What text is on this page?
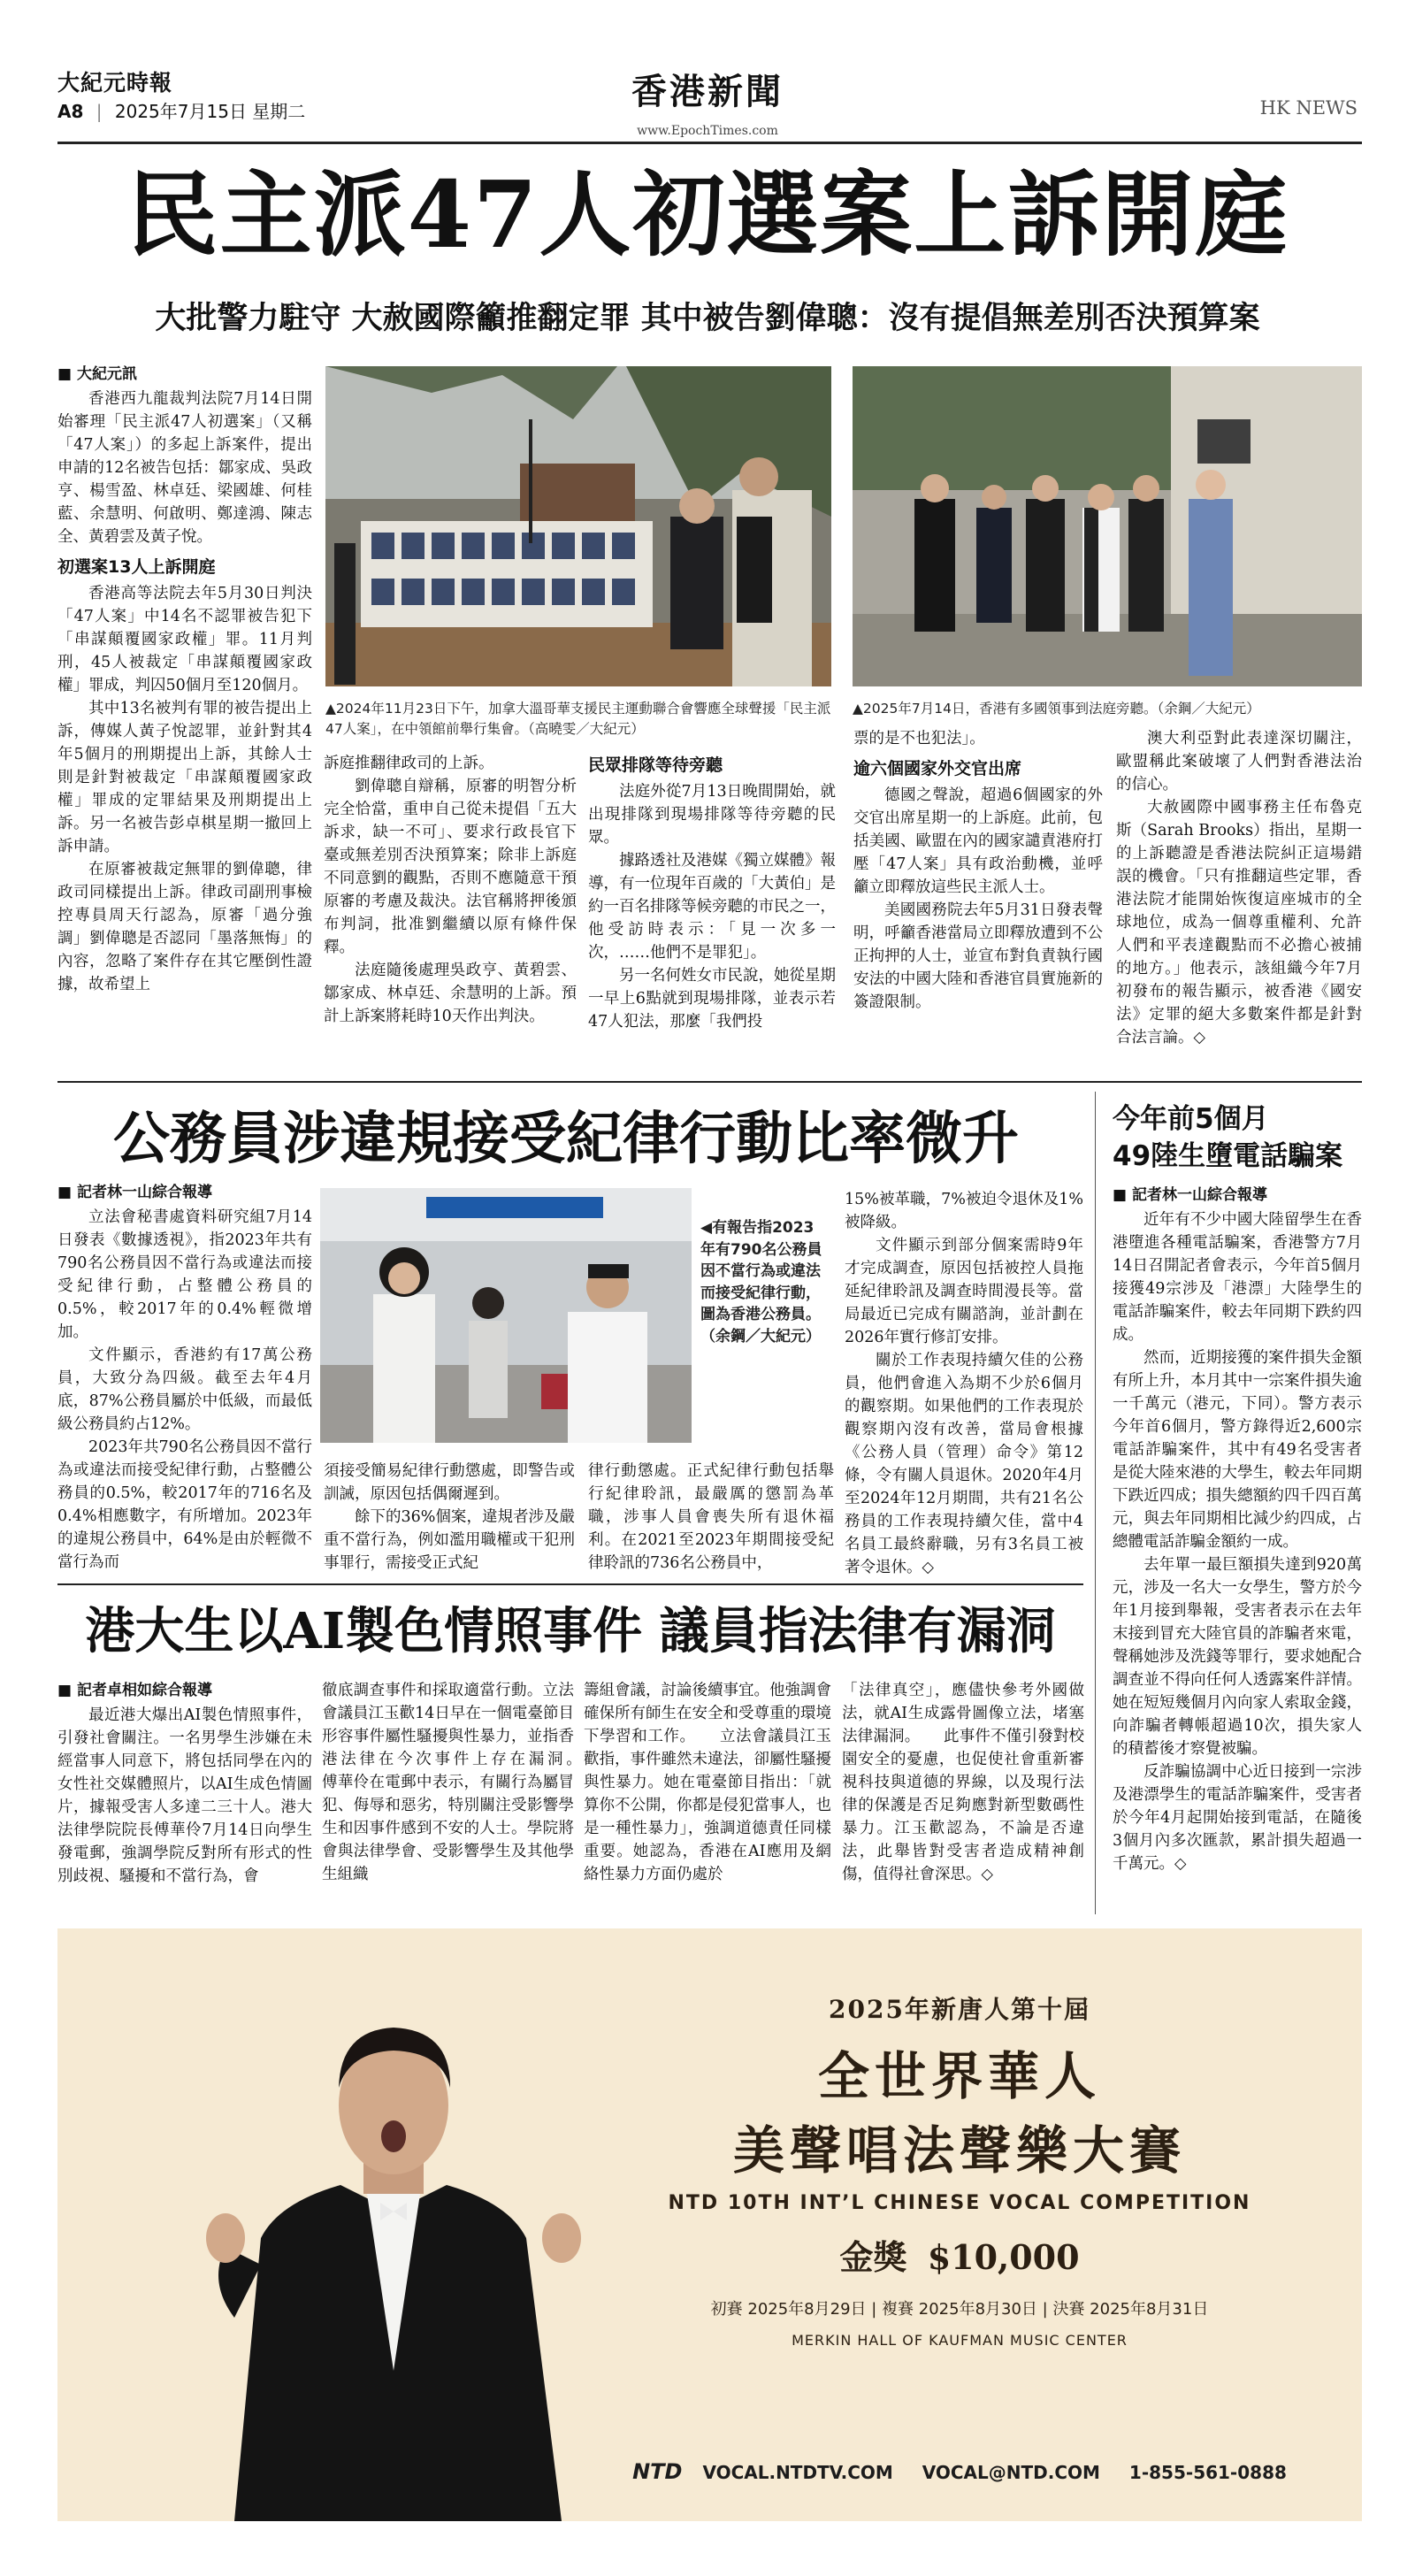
大紀元時報
A8 | 2025年7月15日 星期二	香港新聞
www.EpochTimes.com
HK NEWS
民主派47人初選案上訴開庭
大批警力駐守 大赦國際籲推翻定罪 其中被告劉偉聰：沒有提倡無差別否決預算案
■ 大紀元訊

香港西九龍裁判法院7月14日開始審理「民主派47人初選案」（又稱「47人案」）的多起上訴案件，提出申請的12名被告包括：鄒家成、吳政亨、楊雪盈、林卓廷、梁國雄、何桂藍、余慧明、何啟明、鄭達鴻、陳志全、黃碧雲及黃子悅。

初選案13人上訴開庭

香港高等法院去年5月30日判決「47人案」中14名不認罪被告犯下「串謀顛覆國家政權」罪。11月判刑，45人被裁定「串謀顛覆國家政權」罪成，判囚50個月至120個月。

其中13名被判有罪的被告提出上訴，傳媒人黃子悅認罪，並針對其4年5個月的刑期提出上訴，其餘人士則是針對被裁定「串謀顛覆國家政權」罪成的定罪結果及刑期提出上訴。另一名被告彭卓棋星期一撤回上訴申請。

在原審被裁定無罪的劉偉聰，律政司同樣提出上訴。律政司副刑事檢控專員周天行認為，原審「過分強調」劉偉聰是否認同「墨落無悔」的內容，忽略了案件存在其它壓倒性證據，故希望上

▲2024年11月23日下午，加拿大溫哥華支援民主運動聯合會響應全球聲援「民主派47人案」，在中領館前舉行集會。（高曉雯／大紀元）
▲2025年7月14日，香港有多國領事到法庭旁聽。（余鋼／大紀元）

訴庭推翻律政司的上訴。

劉偉聰自辯稱，原審的明智分析完全恰當，重申自己從未提倡「五大訴求，缺一不可」、要求行政長官下臺或無差別否決預算案；除非上訴庭不同意劉的觀點，否則不應隨意干預原審的考慮及裁決。法官稱將押後頒布判詞，批准劉繼續以原有條件保釋。

法庭隨後處理吳政亨、黃碧雲、鄒家成、林卓廷、余慧明的上訴。預計上訴案將耗時10天作出判決。

民眾排隊等待旁聽

法庭外從7月13日晚間開始，就出現排隊到現場排隊等待旁聽的民眾。

據路透社及港媒《獨立媒體》報導，有一位現年百歲的「大黃伯」是約一百名排隊等候旁聽的市民之一，他受訪時表示：「見一次多一次，……他們不是罪犯」。

另一名何姓女市民說，她從星期一早上6點就到現場排隊，並表示若47人犯法，那麼「我們投

票的是不也犯法」。

逾六個國家外交官出席

德國之聲說，超過6個國家的外交官出席星期一的上訴庭。此前，包括美國、歐盟在內的國家譴責港府打壓「47人案」具有政治動機，並呼籲立即釋放這些民主派人士。

美國國務院去年5月31日發表聲明，呼籲香港當局立即釋放遭到不公正拘押的人士，並宣布對負責執行國安法的中國大陸和香港官員實施新的簽證限制。

澳大利亞對此表達深切關注，歐盟稱此案破壞了人們對香港法治的信心。

大赦國際中國事務主任布魯克斯（Sarah Brooks）指出，星期一的上訴聽證是香港法院糾正這場錯誤的機會。「只有推翻這些定罪，香港法院才能開始恢復這座城市的全球地位，成為一個尊重權利、允許人們和平表達觀點而不必擔心被捕的地方。」他表示，該組織今年7月初發布的報告顯示，被香港《國安法》定罪的絕大多數案件都是針對合法言論。◇

公務員涉違規接受紀律行動比率微升
■ 記者林一山綜合報導

立法會秘書處資料研究組7月14日發表《數據透視》，指2023年共有790名公務員因不當行為或違法而接受紀律行動，占整體公務員的0.5%，較2017年的0.4%輕微增加。

文件顯示，香港約有17萬公務員，大致分為四級。截至去年4月底，87%公務員屬於中低級，而最低級公務員約占12%。

2023年共790名公務員因不當行為或違法而接受紀律行動，占整體公務員的0.5%，較2017年的716名及0.4%相應數字，有所增加。2023年的違規公務員中，64%是由於輕微不當行為而

◀有報告指2023年有790名公務員因不當行為或違法而接受紀律行動，圖為香港公務員。（余鋼／大紀元）

須接受簡易紀律行動懲處，即警告或訓誡，原因包括偶爾遲到。

餘下的36%個案，違規者涉及嚴重不當行為，例如濫用職權或干犯刑事罪行，需接受正式紀

律行動懲處。正式紀律行動包括舉行紀律聆訊，最嚴厲的懲罰為革職，涉事人員會喪失所有退休福利。在2021至2023年期間接受紀律聆訊的736名公務員中，

15%被革職，7%被迫令退休及1%被降級。

文件顯示到部分個案需時9年才完成調查，原因包括被控人員拖延紀律聆訊及調查時間漫長等。當局最近已完成有關諮詢，並計劃在2026年實行修訂安排。

關於工作表現持續欠佳的公務員，他們會進入為期不少於6個月的觀察期。如果他們的工作表現於觀察期內沒有改善，當局會根據《公務人員（管理）命令》第12條，令有關人員退休。2020年4月至2024年12月期間，共有21名公務員的工作表現持續欠佳，當中4名員工最終辭職，另有3名員工被著令退休。◇

今年前5個月
49陸生墮電話騙案
■ 記者林一山綜合報導

近年有不少中國大陸留學生在香港墮進各種電話騙案，香港警方7月14日召開記者會表示，今年首5個月接獲49宗涉及「港漂」大陸學生的電話詐騙案件，較去年同期下跌約四成。

然而，近期接獲的案件損失金額有所上升，本月其中一宗案件損失逾一千萬元（港元，下同）。警方表示今年首6個月，警方錄得近2,600宗電話詐騙案件，其中有49名受害者是從大陸來港的大學生，較去年同期下跌近四成；損失總額約四千四百萬元，與去年同期相比減少約四成，占總體電話詐騙金額約一成。

去年單一最巨額損失達到920萬元，涉及一名大一女學生，警方於今年1月接到舉報，受害者表示在去年末接到冒充大陸官員的詐騙者來電，聲稱她涉及洗錢等罪行，要求她配合調查並不得向任何人透露案件詳情。她在短短幾個月內向家人索取金錢，向詐騙者轉帳超過10次，損失家人的積蓄後才察覺被騙。

反詐騙協調中心近日接到一宗涉及港漂學生的電話詐騙案件，受害者於今年4月起開始接到電話，在隨後3個月內多次匯款，累計損失超過一千萬元。◇

港大生以AI製色情照事件 議員指法律有漏洞
■ 記者卓相如綜合報導

最近港大爆出AI製色情照事件，引發社會關注。一名男學生涉嫌在未經當事人同意下，將包括同學在內的女性社交媒體照片，以AI生成色情圖片，據報受害人多達二三十人。港大法律學院院長傅華伶7月14日向學生發電郵，強調學院反對所有形式的性別歧視、騷擾和不當行為，會

徹底調查事件和採取適當行動。立法會議員江玉歡14日早在一個電臺節目形容事件屬性騷擾與性暴力，並指香港法律在今次事件上存在漏洞。　　傅華伶在電郵中表示，有關行為屬冒犯、侮辱和惡劣，特別關注受影響學生和因事件感到不安的人士。學院將會與法律學會、受影響學生及其他學生組織

籌組會議，討論後續事宜。他強調會確保所有師生在安全和受尊重的環境下學習和工作。　　立法會議員江玉歡指，事件雖然未違法，卻屬性騷擾與性暴力。她在電臺節目指出：「就算你不公開，你都是侵犯當事人，也是一種性暴力」，強調道德責任同樣重要。她認為，香港在AI應用及網絡性暴力方面仍處於

「法律真空」，應儘快參考外國做法，就AI生成露骨圖像立法，堵塞法律漏洞。　　此事件不僅引發對校園安全的憂慮，也促使社會重新審視科技與道德的界線，以及現行法律的保護是否足夠應對新型數碼性暴力。江玉歡認為，不論是否違法，此舉皆對受害者造成精神創傷，值得社會深思。◇

2025年新唐人第十屆
全世界華人
美聲唱法聲樂大賽
NTD 10TH INT’L CHINESE VOCAL COMPETITION
金獎 $10,000
初賽 2025年8月29日 | 複賽 2025年8月30日 | 決賽 2025年8月31日
MERKIN HALL OF KAUFMAN MUSIC CENTER
NTD VOCAL.NTDTV.COM VOCAL@NTD.COM 1-855-561-0888
